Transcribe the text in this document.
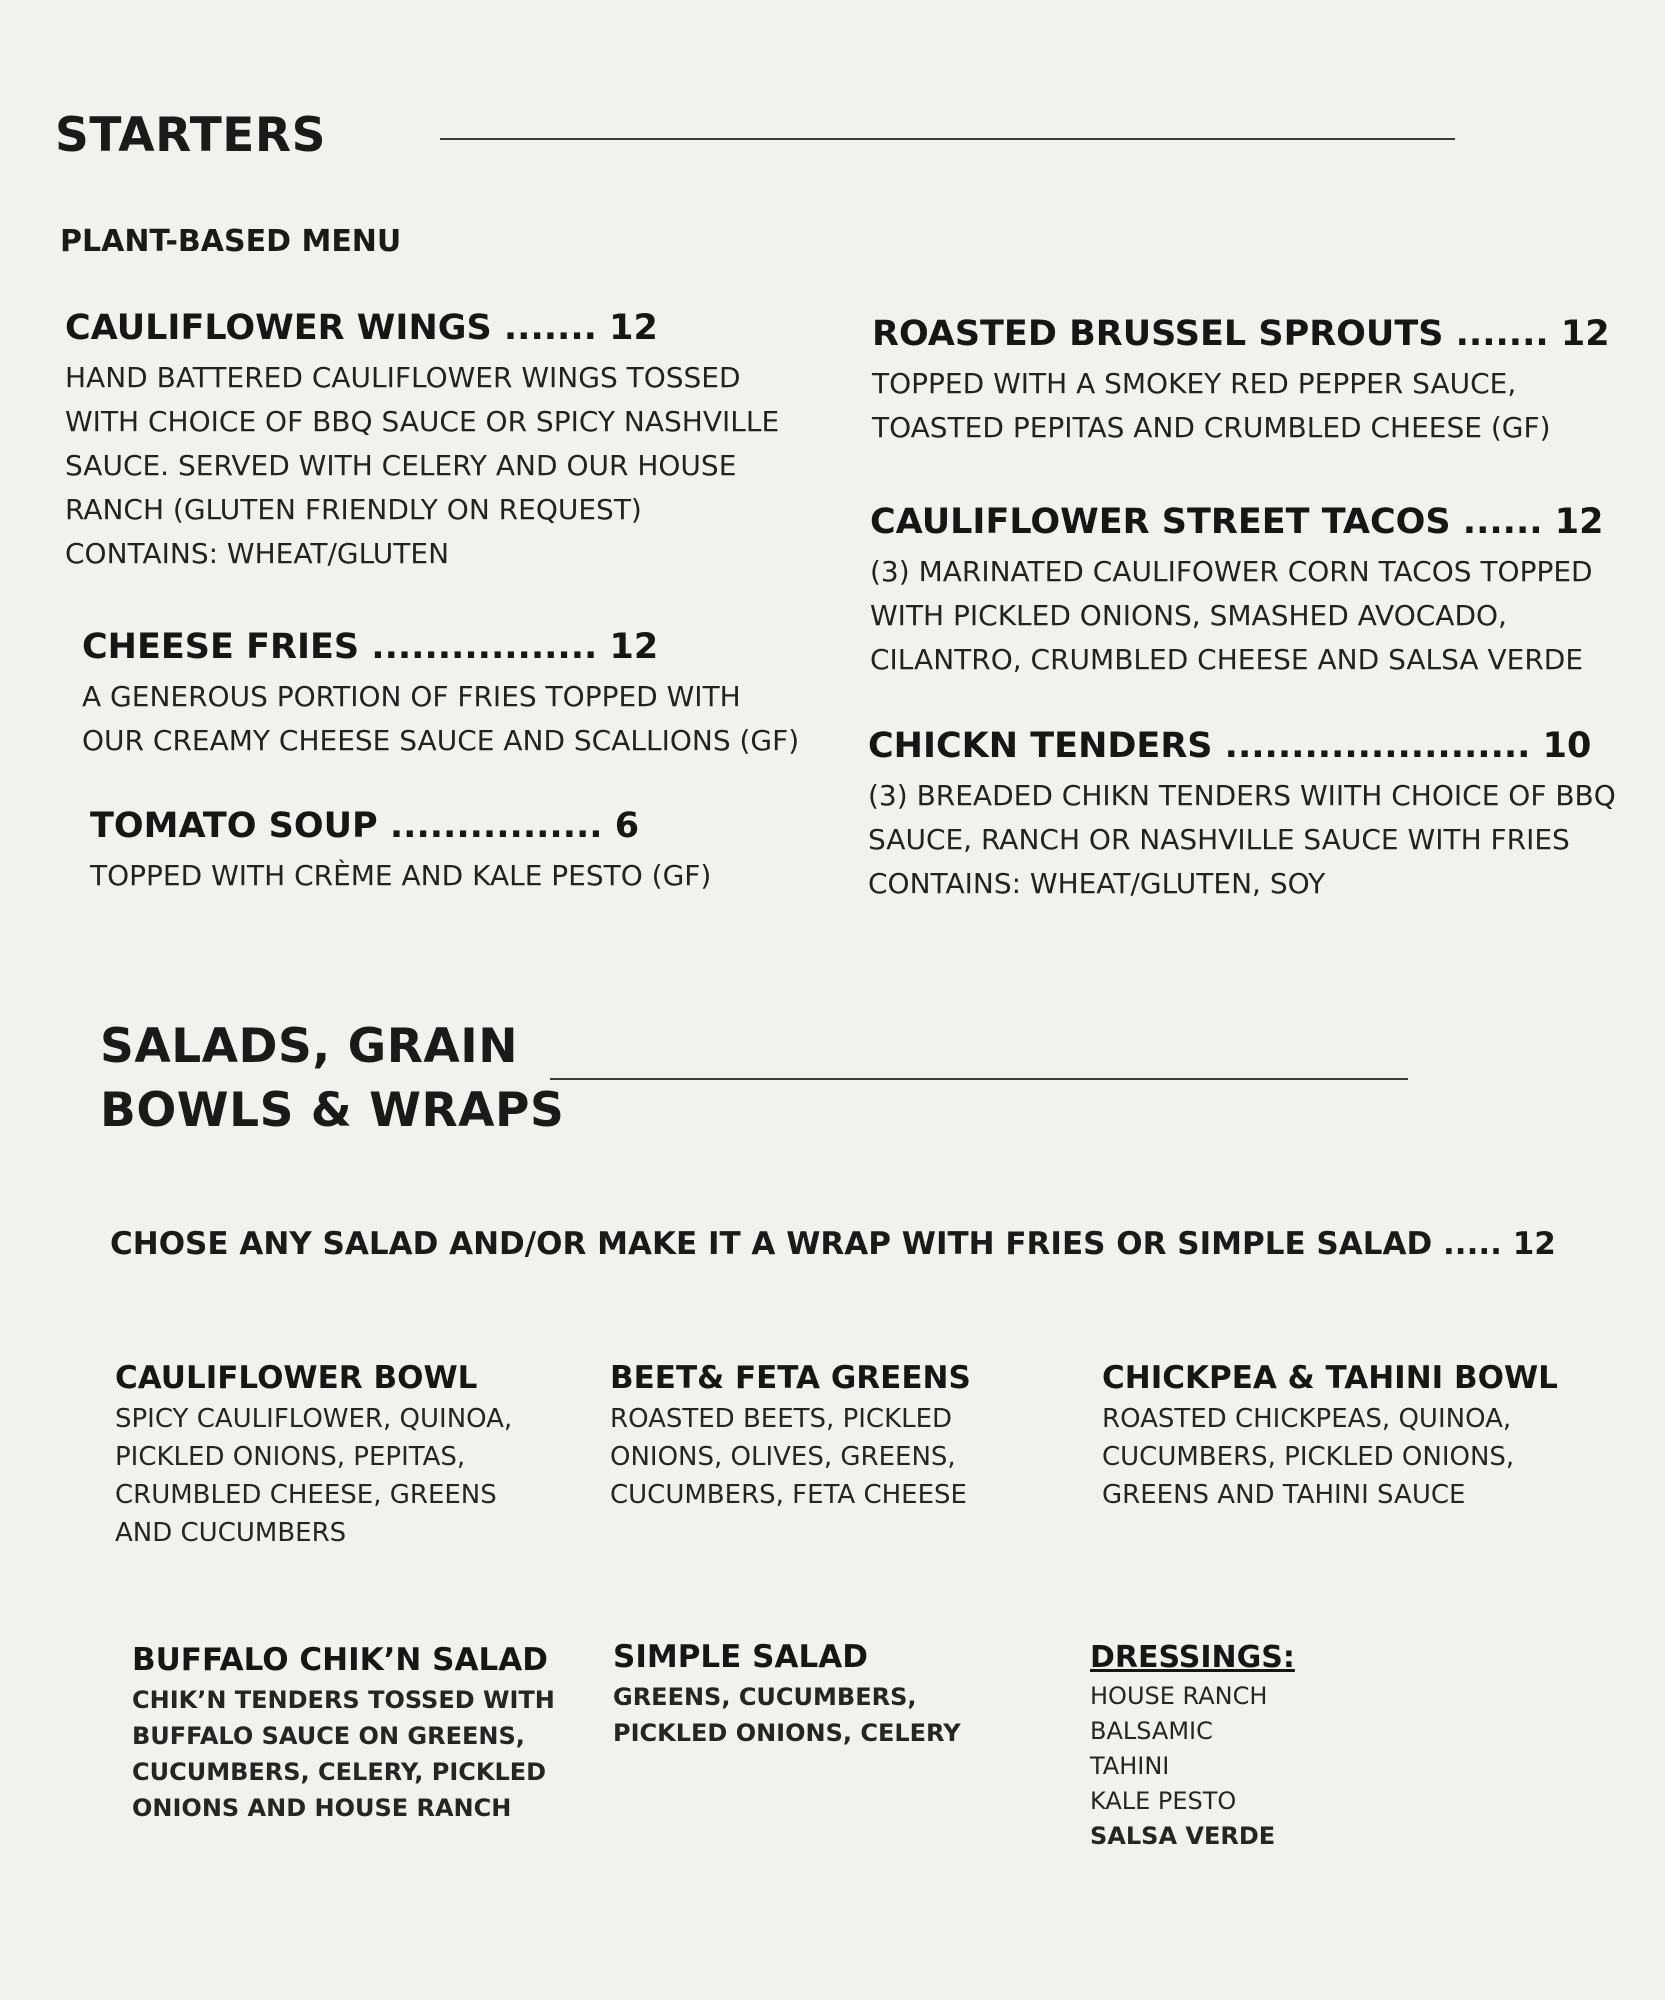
STARTERS
PLANT-BASED MENU
CAULIFLOWER WINGS ....... 12
HAND BATTERED CAULIFLOWER WINGS TOSSED
WITH CHOICE OF BBQ SAUCE OR SPICY NASHVILLE
SAUCE. SERVED WITH CELERY AND OUR HOUSE
RANCH (GLUTEN FRIENDLY ON REQUEST)
CONTAINS: WHEAT/GLUTEN
CHEESE FRIES ................. 12
A GENEROUS PORTION OF FRIES TOPPED WITH
OUR CREAMY CHEESE SAUCE AND SCALLIONS (GF)
TOMATO SOUP ................ 6
TOPPED WITH CRÈME AND KALE PESTO (GF)
ROASTED BRUSSEL SPROUTS ....... 12
TOPPED WITH A SMOKEY RED PEPPER SAUCE,
TOASTED PEPITAS AND CRUMBLED CHEESE (GF)
CAULIFLOWER STREET TACOS ...... 12
(3) MARINATED CAULIFOWER CORN TACOS TOPPED
WITH PICKLED ONIONS, SMASHED AVOCADO,
CILANTRO, CRUMBLED CHEESE AND SALSA VERDE
CHICKN TENDERS ....................... 10
(3) BREADED CHIKN TENDERS WIITH CHOICE OF BBQ
SAUCE, RANCH OR NASHVILLE SAUCE WITH FRIES
CONTAINS: WHEAT/GLUTEN, SOY
SALADS, GRAIN
BOWLS & WRAPS
CHOSE ANY SALAD AND/OR MAKE IT A WRAP WITH FRIES OR SIMPLE SALAD ..... 12
CAULIFLOWER BOWL
SPICY CAULIFLOWER, QUINOA,
PICKLED ONIONS, PEPITAS,
CRUMBLED CHEESE, GREENS
AND CUCUMBERS
BEET& FETA GREENS
ROASTED BEETS, PICKLED
ONIONS, OLIVES, GREENS,
CUCUMBERS, FETA CHEESE
CHICKPEA & TAHINI BOWL
ROASTED CHICKPEAS, QUINOA,
CUCUMBERS, PICKLED ONIONS,
GREENS AND TAHINI SAUCE
BUFFALO CHIK’N SALAD
CHIK’N TENDERS TOSSED WITH
BUFFALO SAUCE ON GREENS,
CUCUMBERS, CELERY, PICKLED
ONIONS AND HOUSE RANCH
SIMPLE SALAD
GREENS, CUCUMBERS,
PICKLED ONIONS, CELERY
DRESSINGS:
HOUSE RANCH
BALSAMIC
TAHINI
KALE PESTO
SALSA VERDE
